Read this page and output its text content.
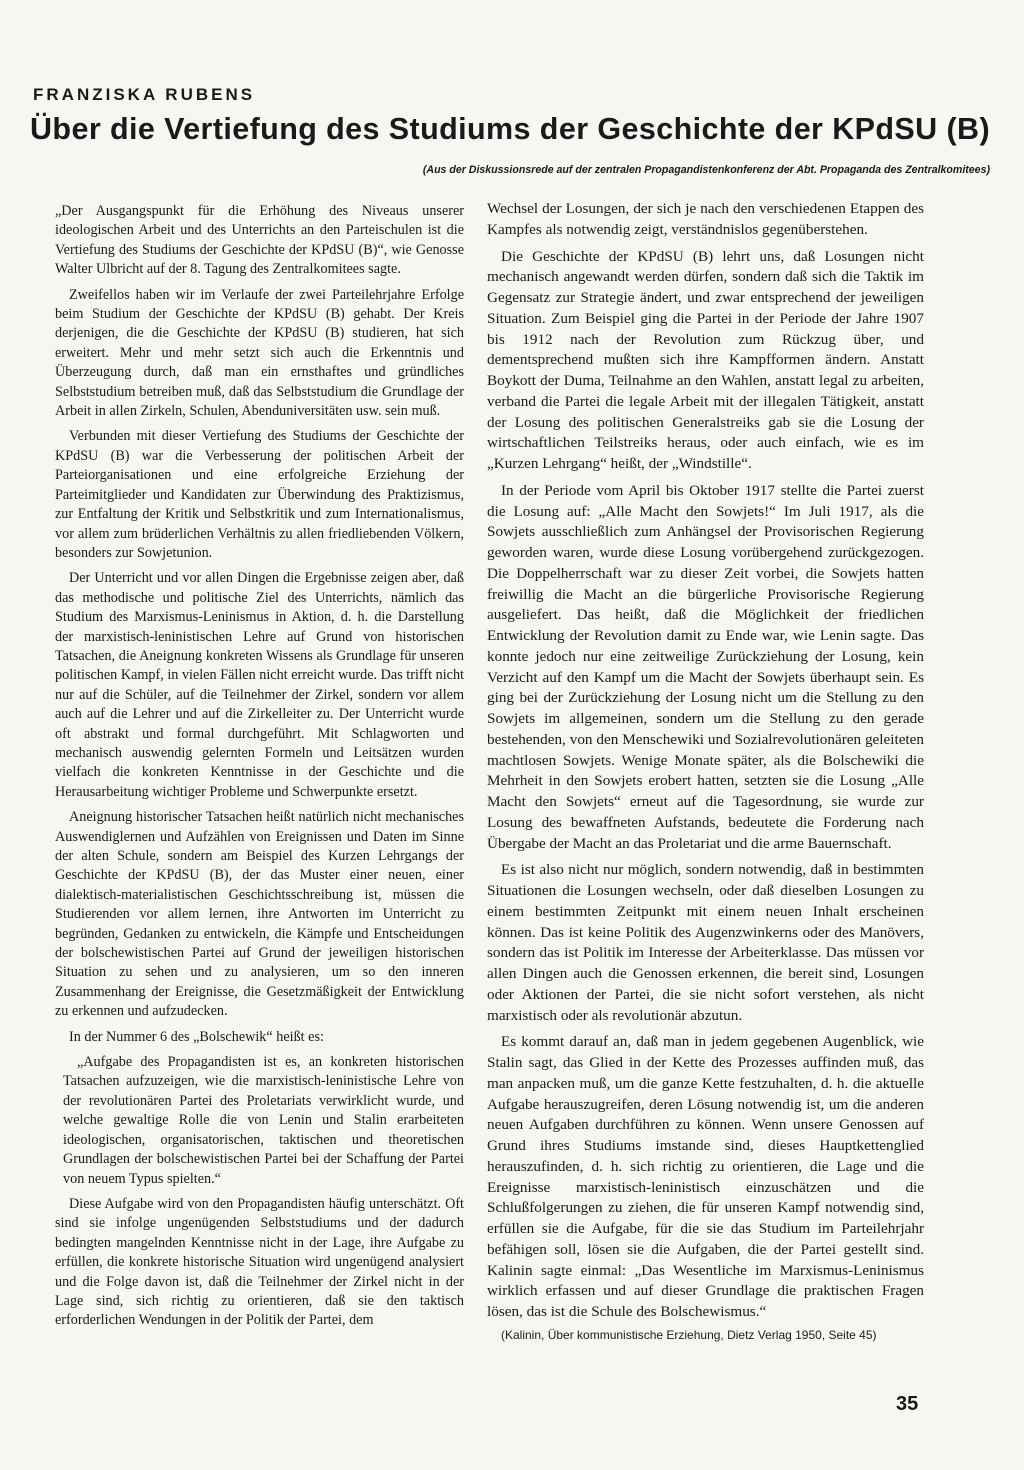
FRANZISKA RUBENS
Über die Vertiefung des Studiums der Geschichte der KPdSU (B)
(Aus der Diskussionsrede auf der zentralen Propagandistenkonferenz der Abt. Propaganda des Zentralkomitees)

„Der Ausgangspunkt für die Erhöhung des Niveaus unserer ideologischen Arbeit und des Unterrichts an den Parteischulen ist die Vertiefung des Studiums der Geschichte der KPdSU (B)“, wie Genosse Walter Ulbricht auf der 8. Tagung des Zentralkomitees sagte.

Zweifellos haben wir im Verlaufe der zwei Parteilehrjahre Erfolge beim Studium der Geschichte der KPdSU (B) gehabt. Der Kreis derjenigen, die die Geschichte der KPdSU (B) studieren, hat sich erweitert. Mehr und mehr setzt sich auch die Erkenntnis und Überzeugung durch, daß man ein ernsthaftes und gründliches Selbststudium betreiben muß, daß das Selbststudium die Grundlage der Arbeit in allen Zirkeln, Schulen, Abenduniversitäten usw. sein muß.

Verbunden mit dieser Vertiefung des Studiums der Geschichte der KPdSU (B) war die Verbesserung der politischen Arbeit der Parteiorganisationen und eine erfolgreiche Erziehung der Parteimitglieder und Kandidaten zur Überwindung des Praktizismus, zur Entfaltung der Kritik und Selbstkritik und zum Internationalismus, vor allem zum brüderlichen Verhältnis zu allen friedliebenden Völkern, besonders zur Sowjetunion.

Der Unterricht und vor allen Dingen die Ergebnisse zeigen aber, daß das methodische und politische Ziel des Unterrichts, nämlich das Studium des Marxismus-Leninismus in Aktion, d. h. die Darstellung der marxistisch-leninistischen Lehre auf Grund von historischen Tatsachen, die Aneignung konkreten Wissens als Grundlage für unseren politischen Kampf, in vielen Fällen nicht erreicht wurde. Das trifft nicht nur auf die Schüler, auf die Teilnehmer der Zirkel, sondern vor allem auch auf die Lehrer und auf die Zirkelleiter zu. Der Unterricht wurde oft abstrakt und formal durchgeführt. Mit Schlagworten und mechanisch auswendig gelernten Formeln und Leitsätzen wurden vielfach die konkreten Kenntnisse in der Geschichte und die Herausarbeitung wichtiger Probleme und Schwerpunkte ersetzt.

Aneignung historischer Tatsachen heißt natürlich nicht mechanisches Auswendiglernen und Aufzählen von Ereignissen und Daten im Sinne der alten Schule, sondern am Beispiel des Kurzen Lehrgangs der Geschichte der KPdSU (B), der das Muster einer neuen, einer dialektisch-materialistischen Geschichtsschreibung ist, müssen die Studierenden vor allem lernen, ihre Antworten im Unterricht zu begründen, Gedanken zu entwickeln, die Kämpfe und Entscheidungen der bolschewistischen Partei auf Grund der jeweiligen historischen Situation zu sehen und zu analysieren, um so den inneren Zusammenhang der Ereignisse, die Gesetzmäßigkeit der Entwicklung zu erkennen und aufzudecken.

In der Nummer 6 des „Bolschewik“ heißt es:

„Aufgabe des Propagandisten ist es, an konkreten historischen Tatsachen aufzuzeigen, wie die marxistisch-leninistische Lehre von der revolutionären Partei des Proletariats verwirklicht wurde, und welche gewaltige Rolle die von Lenin und Stalin erarbeiteten ideologischen, organisatorischen, taktischen und theoretischen Grundlagen der bolschewistischen Partei bei der Schaffung der Partei von neuem Typus spielten.“

Diese Aufgabe wird von den Propagandisten häufig unterschätzt. Oft sind sie infolge ungenügenden Selbststudiums und der dadurch bedingten mangelnden Kenntnisse nicht in der Lage, ihre Aufgabe zu erfüllen, die konkrete historische Situation wird ungenügend analysiert und die Folge davon ist, daß die Teilnehmer der Zirkel nicht in der Lage sind, sich richtig zu orientieren, daß sie den taktisch erforderlichen Wendungen in der Politik der Partei, dem

Wechsel der Losungen, der sich je nach den verschiedenen Etappen des Kampfes als notwendig zeigt, verständnislos gegenüberstehen.

Die Geschichte der KPdSU (B) lehrt uns, daß Losungen nicht mechanisch angewandt werden dürfen, sondern daß sich die Taktik im Gegensatz zur Strategie ändert, und zwar entsprechend der jeweiligen Situation. Zum Beispiel ging die Partei in der Periode der Jahre 1907 bis 1912 nach der Revolution zum Rückzug über, und dementsprechend mußten sich ihre Kampfformen ändern. Anstatt Boykott der Duma, Teilnahme an den Wahlen, anstatt legal zu arbeiten, verband die Partei die legale Arbeit mit der illegalen Tätigkeit, anstatt der Losung des politischen Generalstreiks gab sie die Losung der wirtschaftlichen Teilstreiks heraus, oder auch einfach, wie es im „Kurzen Lehrgang“ heißt, der „Windstille“.

In der Periode vom April bis Oktober 1917 stellte die Partei zuerst die Losung auf: „Alle Macht den Sowjets!“ Im Juli 1917, als die Sowjets ausschließlich zum Anhängsel der Provisorischen Regierung geworden waren, wurde diese Losung vorübergehend zurückgezogen. Die Doppelherrschaft war zu dieser Zeit vorbei, die Sowjets hatten freiwillig die Macht an die bürgerliche Provisorische Regierung ausgeliefert. Das heißt, daß die Möglichkeit der friedlichen Entwicklung der Revolution damit zu Ende war, wie Lenin sagte. Das konnte jedoch nur eine zeitweilige Zurückziehung der Losung, kein Verzicht auf den Kampf um die Macht der Sowjets überhaupt sein. Es ging bei der Zurückziehung der Losung nicht um die Stellung zu den Sowjets im allgemeinen, sondern um die Stellung zu den gerade bestehenden, von den Menschewiki und Sozialrevolutionären geleiteten machtlosen Sowjets. Wenige Monate später, als die Bolschewiki die Mehrheit in den Sowjets erobert hatten, setzten sie die Losung „Alle Macht den Sowjets“ erneut auf die Tagesordnung, sie wurde zur Losung des bewaffneten Aufstands, bedeutete die Forderung nach Übergabe der Macht an das Proletariat und die arme Bauernschaft.

Es ist also nicht nur möglich, sondern notwendig, daß in bestimmten Situationen die Losungen wechseln, oder daß dieselben Losungen zu einem bestimmten Zeitpunkt mit einem neuen Inhalt erscheinen können. Das ist keine Politik des Augenzwinkerns oder des Manövers, sondern das ist Politik im Interesse der Arbeiterklasse. Das müssen vor allen Dingen auch die Genossen erkennen, die bereit sind, Losungen oder Aktionen der Partei, die sie nicht sofort verstehen, als nicht marxistisch oder als revolutionär abzutun.

Es kommt darauf an, daß man in jedem gegebenen Augenblick, wie Stalin sagt, das Glied in der Kette des Prozesses auffinden muß, das man anpacken muß, um die ganze Kette festzuhalten, d. h. die aktuelle Aufgabe herauszugreifen, deren Lösung notwendig ist, um die anderen neuen Aufgaben durchführen zu können. Wenn unsere Genossen auf Grund ihres Studiums imstande sind, dieses Hauptkettenglied herauszufinden, d. h. sich richtig zu orientieren, die Lage und die Ereignisse marxistisch-leninistisch einzuschätzen und die Schlußfolgerungen zu ziehen, die für unseren Kampf notwendig sind, erfüllen sie die Aufgabe, für die sie das Studium im Parteilehrjahr befähigen soll, lösen sie die Aufgaben, die der Partei gestellt sind. Kalinin sagte einmal: „Das Wesentliche im Marxismus-Leninismus wirklich erfassen und auf dieser Grundlage die praktischen Fragen lösen, das ist die Schule des Bolschewismus.“

(Kalinin, Über kommunistische Erziehung, Dietz Verlag 1950, Seite 45)
35
